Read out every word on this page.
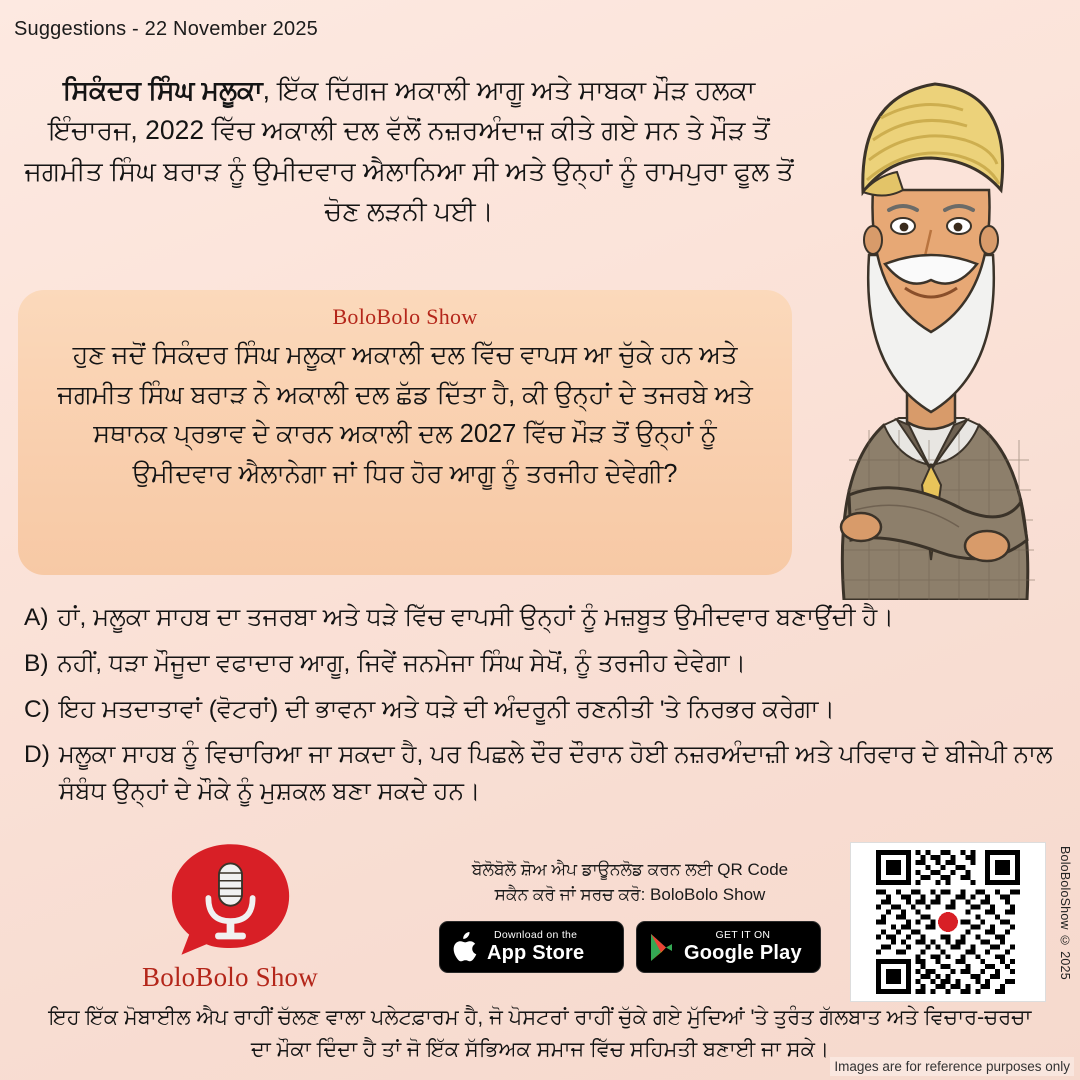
Suggestions - 22 November 2025
ਸਿਕੰਦਰ ਸਿੰਘ ਮਲੂਕਾ, ਇੱਕ ਦਿੱਗਜ ਅਕਾਲੀ ਆਗੂ ਅਤੇ ਸਾਬਕਾ ਮੌੜ ਹਲਕਾ ਇੰਚਾਰਜ, 2022 ਵਿੱਚ ਅਕਾਲੀ ਦਲ ਵੱਲੋਂ ਨਜ਼ਰਅੰਦਾਜ਼ ਕੀਤੇ ਗਏ ਸਨ ਤੇ ਮੌੜ ਤੋਂ ਜਗਮੀਤ ਸਿੰਘ ਬਰਾੜ ਨੂੰ ਉਮੀਦਵਾਰ ਐਲਾਨਿਆ ਸੀ ਅਤੇ ਉਨ੍ਹਾਂ ਨੂੰ ਰਾਮਪੁਰਾ ਫੂਲ ਤੋਂ ਚੋਣ ਲੜਨੀ ਪਈ।
BoloBolo Show
ਹੁਣ ਜਦੋਂ ਸਿਕੰਦਰ ਸਿੰਘ ਮਲੂਕਾ ਅਕਾਲੀ ਦਲ ਵਿੱਚ ਵਾਪਸ ਆ ਚੁੱਕੇ ਹਨ ਅਤੇ ਜਗਮੀਤ ਸਿੰਘ ਬਰਾੜ ਨੇ ਅਕਾਲੀ ਦਲ ਛੱਡ ਦਿੱਤਾ ਹੈ, ਕੀ ਉਨ੍ਹਾਂ ਦੇ ਤਜਰਬੇ ਅਤੇ ਸਥਾਨਕ ਪ੍ਰਭਾਵ ਦੇ ਕਾਰਨ ਅਕਾਲੀ ਦਲ 2027 ਵਿੱਚ ਮੌੜ ਤੋਂ ਉਨ੍ਹਾਂ ਨੂੰ ਉਮੀਦਵਾਰ ਐਲਾਨੇਗਾ ਜਾਂ ਧਿਰ ਹੋਰ ਆਗੂ ਨੂੰ ਤਰਜੀਹ ਦੇਵੇਗੀ?
A) ਹਾਂ, ਮਲੂਕਾ ਸਾਹਬ ਦਾ ਤਜਰਬਾ ਅਤੇ ਧੜੇ ਵਿੱਚ ਵਾਪਸੀ ਉਨ੍ਹਾਂ ਨੂੰ ਮਜ਼ਬੂਤ ਉਮੀਦਵਾਰ ਬਣਾਉਂਦੀ ਹੈ।
B) ਨਹੀਂ, ਧੜਾ ਮੌਜੂਦਾ ਵਫਾਦਾਰ ਆਗੂ, ਜਿਵੇਂ ਜਨਮੇਜਾ ਸਿੰਘ ਸੇਖੋਂ, ਨੂੰ ਤਰਜੀਹ ਦੇਵੇਗਾ।
C) ਇਹ ਮਤਦਾਤਾਵਾਂ (ਵੋਟਰਾਂ) ਦੀ ਭਾਵਨਾ ਅਤੇ ਧੜੇ ਦੀ ਅੰਦਰੂਨੀ ਰਣਨੀਤੀ 'ਤੇ ਨਿਰਭਰ ਕਰੇਗਾ।
D) ਮਲੂਕਾ ਸਾਹਬ ਨੂੰ ਵਿਚਾਰਿਆ ਜਾ ਸਕਦਾ ਹੈ, ਪਰ ਪਿਛਲੇ ਦੌਰ ਦੌਰਾਨ ਹੋਈ ਨਜ਼ਰਅੰਦਾਜ਼ੀ ਅਤੇ ਪਰਿਵਾਰ ਦੇ ਬੀਜੇਪੀ ਨਾਲ ਸੰਬੰਧ ਉਨ੍ਹਾਂ ਦੇ ਮੌਕੇ ਨੂੰ ਮੁਸ਼ਕਲ ਬਣਾ ਸਕਦੇ ਹਨ।
BoloBolo Show
ਬੋਲੋਬੋਲੋ ਸ਼ੋਅ ਐਪ ਡਾਊਨਲੋਡ ਕਰਨ ਲਈ QR Code
ਸਕੈਨ ਕਰੋ ਜਾਂ ਸਰਚ ਕਰੋ: BoloBolo Show
Download on the
App Store
GET IT ON
Google Play	BoloBoloShow © 2025
ਇਹ ਇੱਕ ਮੋਬਾਈਲ ਐਪ ਰਾਹੀਂ ਚੱਲਣ ਵਾਲਾ ਪਲੇਟਫ਼ਾਰਮ ਹੈ, ਜੋ ਪੋਸਟਰਾਂ ਰਾਹੀਂ ਚੁੱਕੇ ਗਏ ਮੁੱਦਿਆਂ 'ਤੇ ਤੁਰੰਤ ਗੱਲਬਾਤ ਅਤੇ ਵਿਚਾਰ-ਚਰਚਾ ਦਾ ਮੌਕਾ ਦਿੰਦਾ ਹੈ ਤਾਂ ਜੋ ਇੱਕ ਸੱਭਿਅਕ ਸਮਾਜ ਵਿੱਚ ਸਹਿਮਤੀ ਬਣਾਈ ਜਾ ਸਕੇ।
Images are for reference purposes only
